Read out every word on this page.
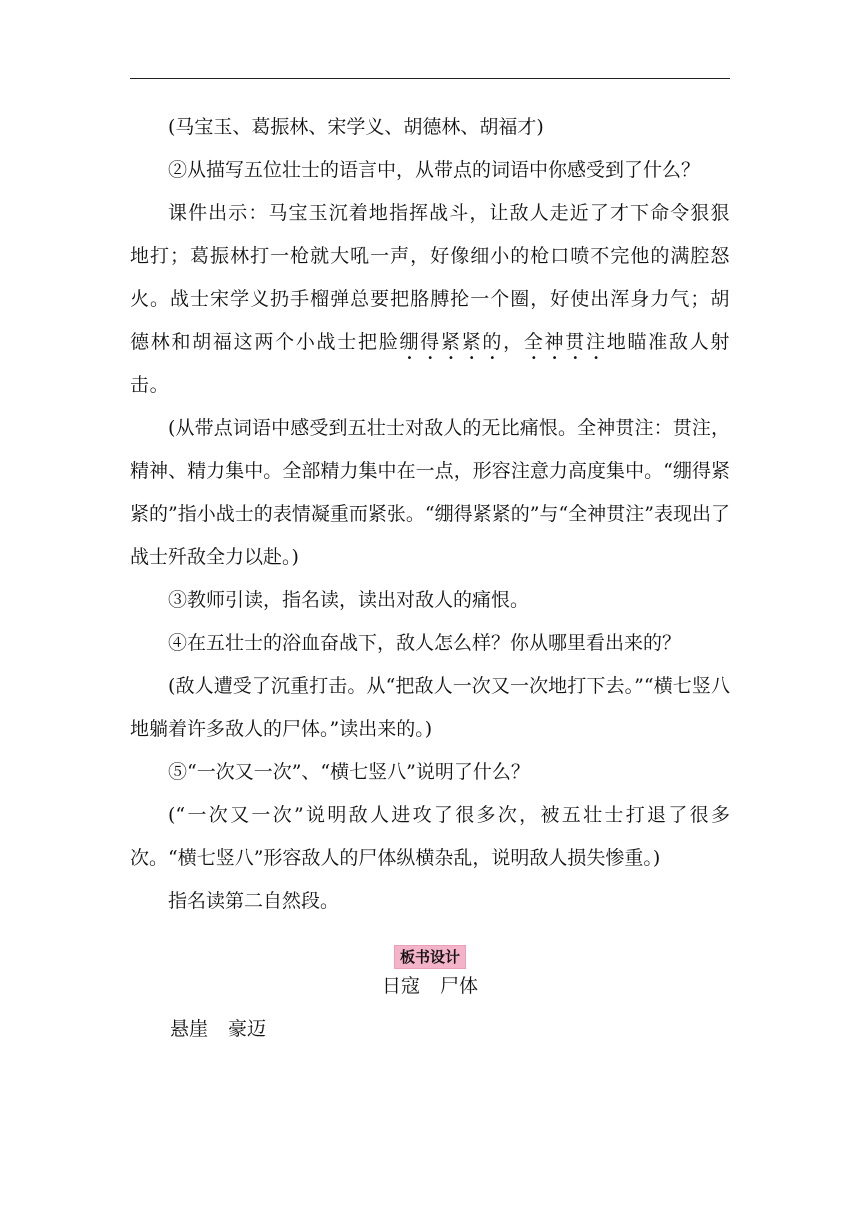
(马宝玉、葛振林、宋学义、胡德林、胡福才)

②从描写五位壮士的语言中，从带点的词语中你感受到了什么？

课件出示：马宝玉沉着地指挥战斗，让敌人走近了才下命令狠狠地打；葛振林打一枪就大吼一声，好像细小的枪口喷不完他的满腔怒火。战士宋学义扔手榴弹总要把胳膊抡一个圈，好使出浑身力气；胡德林和胡福这两个小战士把脸绷得紧紧的，全神贯注地瞄准敌人射击。

(从带点词语中感受到五壮士对敌人的无比痛恨。全神贯注：贯注，精神、精力集中。全部精力集中在一点，形容注意力高度集中。“绷得紧紧的”指小战士的表情凝重而紧张。“绷得紧紧的”与“全神贯注”表现出了战士歼敌全力以赴。)

③教师引读，指名读，读出对敌人的痛恨。

④在五壮士的浴血奋战下，敌人怎么样？你从哪里看出来的？

(敌人遭受了沉重打击。从“把敌人一次又一次地打下去。”“横七竖八地躺着许多敌人的尸体。”读出来的。)

⑤“一次又一次”、“横七竖八”说明了什么？

(“一次又一次”说明敌人进攻了很多次，被五壮士打退了很多次。“横七竖八”形容敌人的尸体纵横杂乱，说明敌人损失惨重。)

指名读第二自然段。

板书设计

日寇 尸体

悬崖 豪迈
